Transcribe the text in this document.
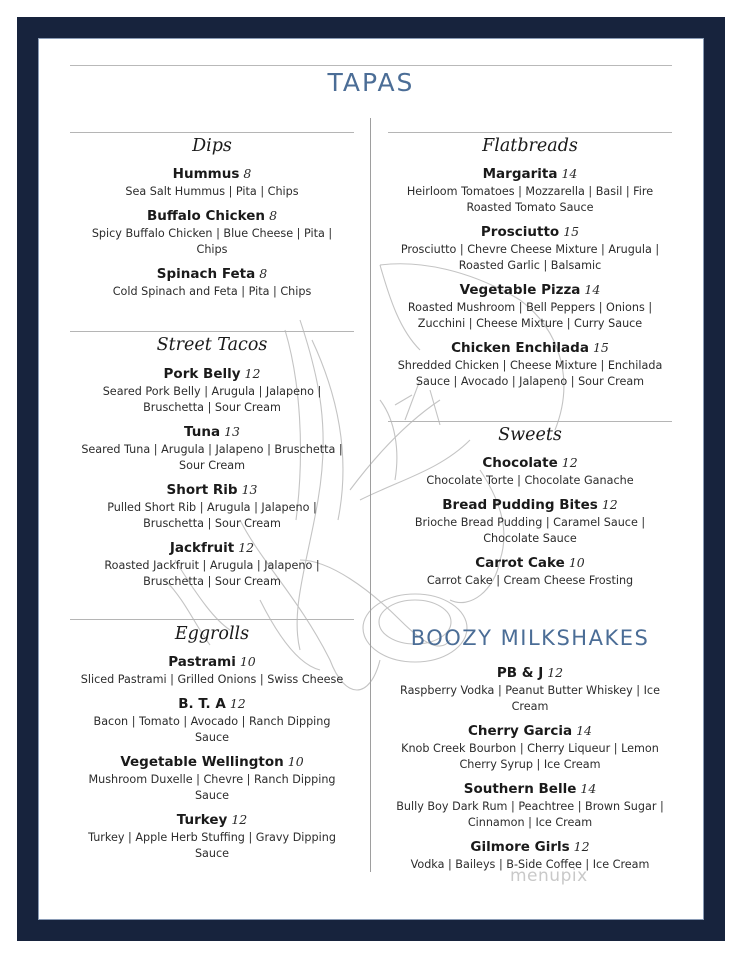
TAPAS
Dips
Hummus 8
Sea Salt Hummus | Pita | Chips
Buffalo Chicken 8
Spicy Buffalo Chicken | Blue Cheese | Pita | Chips
Spinach Feta 8
Cold Spinach and Feta | Pita | Chips
Street Tacos
Pork Belly 12
Seared Pork Belly | Arugula | Jalapeno | Bruschetta | Sour Cream
Tuna 13
Seared Tuna | Arugula | Jalapeno | Bruschetta | Sour Cream
Short Rib 13
Pulled Short Rib | Arugula | Jalapeno | Bruschetta | Sour Cream
Jackfruit 12
Roasted Jackfruit | Arugula | Jalapeno | Bruschetta | Sour Cream
Eggrolls
Pastrami 10
Sliced Pastrami | Grilled Onions | Swiss Cheese
B. T. A 12
Bacon | Tomato | Avocado | Ranch Dipping Sauce
Vegetable Wellington 10
Mushroom Duxelle | Chevre | Ranch Dipping Sauce
Turkey 12
Turkey | Apple Herb Stuffing | Gravy Dipping Sauce
Flatbreads
Margarita 14
Heirloom Tomatoes | Mozzarella | Basil | Fire Roasted Tomato Sauce
Prosciutto 15
Prosciutto | Chevre Cheese Mixture | Arugula | Roasted Garlic | Balsamic
Vegetable Pizza 14
Roasted Mushroom | Bell Peppers | Onions | Zucchini | Cheese Mixture | Curry Sauce
Chicken Enchilada 15
Shredded Chicken | Cheese Mixture | Enchilada Sauce | Avocado | Jalapeno | Sour Cream
Sweets
Chocolate 12
Chocolate Torte | Chocolate Ganache
Bread Pudding Bites 12
Brioche Bread Pudding | Caramel Sauce | Chocolate Sauce
Carrot Cake 10
Carrot Cake | Cream Cheese Frosting
BOOZY MILKSHAKES
PB & J 12
Raspberry Vodka | Peanut Butter Whiskey | Ice Cream
Cherry Garcia 14
Knob Creek Bourbon | Cherry Liqueur | Lemon Cherry Syrup | Ice Cream
Southern Belle 14
Bully Boy Dark Rum | Peachtree | Brown Sugar | Cinnamon | Ice Cream
Gilmore Girls 12
Vodka | Baileys | B-Side Coffee | Ice Cream
menupix
